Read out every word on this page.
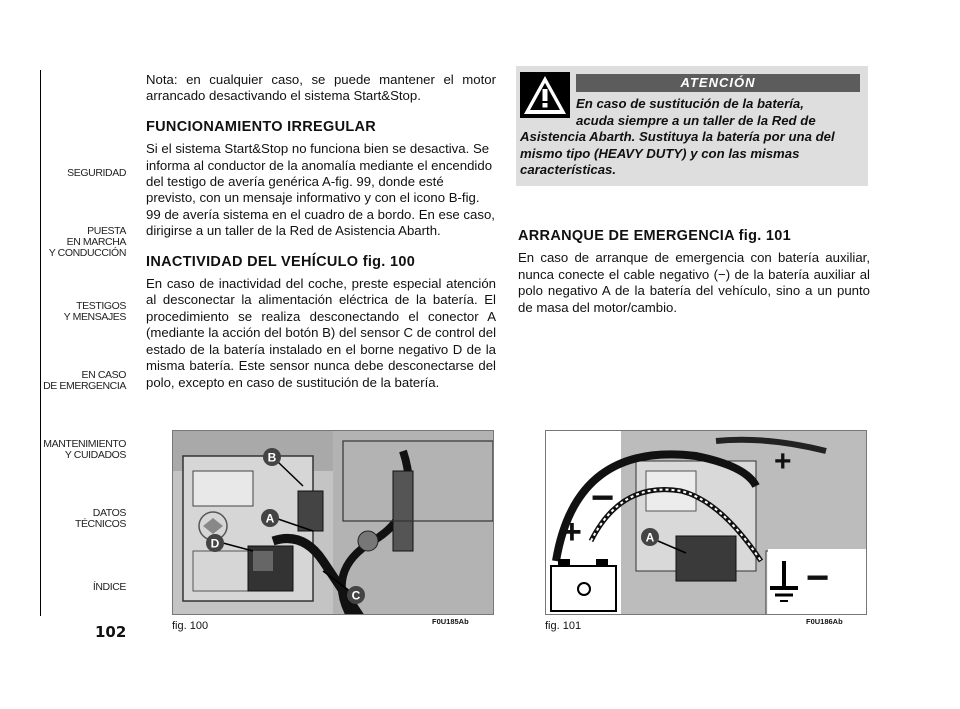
CONOCIMIENTO
DEL VEHÍCULO
SEGURIDAD
PUESTA
EN MARCHA
Y CONDUCCIÓN
TESTIGOS
Y MENSAJES
EN CASO
DE EMERGENCIA
MANTENIMIENTO
Y CUIDADOS
DATOS TÉCNICOS
ÍNDICE
102

Nota: en cualquier caso, se puede mantener el motor arrancado desactivando el sistema Start&Stop.

FUNCIONAMIENTO IRREGULAR

Si el sistema Start&Stop no funciona bien se desactiva. Se informa al conductor de la anomalía mediante el encendido del testigo de avería genérica A-fig. 99, donde esté previsto, con un mensaje informativo y con el icono B-fig. 99 de avería sistema en el cuadro de a bordo. En ese caso, dirigirse a un taller de la Red de Asistencia Abarth.

INACTIVIDAD DEL VEHÍCULO fig. 100

En caso de inactividad del coche, preste especial atención al desconectar la alimentación eléctrica de la batería. El procedimiento se realiza desconectando el conector A (mediante la acción del botón B) del sensor C de control del estado de la batería instalado en el borne negativo D de la misma batería. Este sensor nunca debe desconectarse del polo, excepto en caso de sustitución de la batería.

ATENCIÓN
En caso de sustitución de la batería,
acuda siempre a un taller de la Red de
Asistencia Abarth. Sustituya la batería por una del mismo tipo (HEAVY DUTY) y con las mismas características.
ARRANQUE DE EMERGENCIA fig. 101

En caso de arranque de emergencia con batería auxiliar, nunca conecte el cable negativo (−) de la batería auxiliar al polo negativo A de la batería del vehículo, sino a un punto de masa del motor/cambio.

B
A
D
C
fig. 100	F0U185Ab
+
−
+
−
A
fig. 101	F0U186Ab
